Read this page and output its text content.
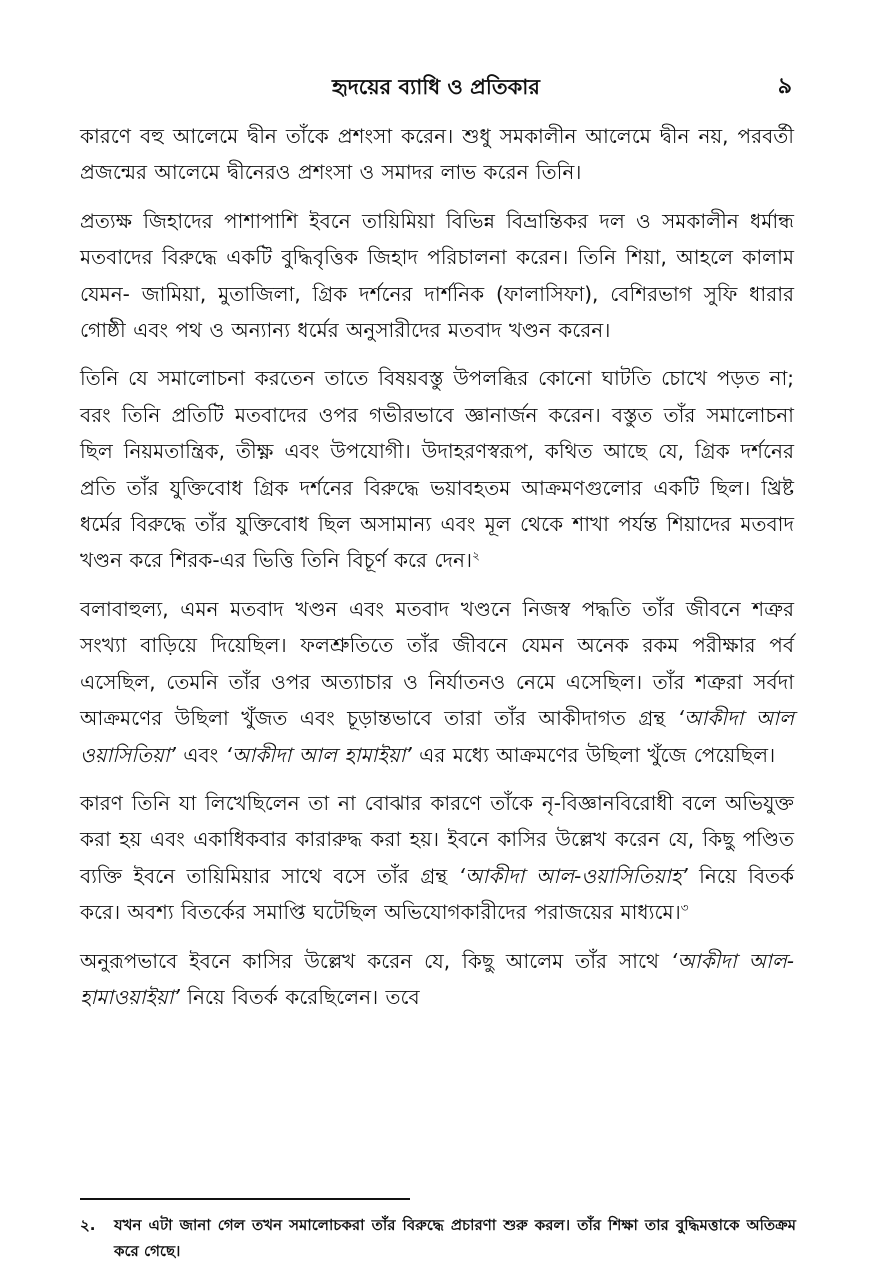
হৃদয়ের ব্যাধি ও প্রতিকার	৯

কারণে বহু আলেমে দ্বীন তাঁকে প্রশংসা করেন। শুধু সমকালীন আলেমে দ্বীন নয়, পরবর্তী প্রজন্মের আলেমে দ্বীনেরও প্রশংসা ও সমাদর লাভ করেন তিনি।

প্রত্যক্ষ জিহাদের পাশাপাশি ইবনে তায়িমিয়া বিভিন্ন বিভ্রান্তিকর দল ও সমকালীন ধর্মান্ধ মতবাদের বিরুদ্ধে একটি বুদ্ধিবৃত্তিক জিহাদ পরিচালনা করেন। তিনি শিয়া, আহলে কালাম যেমন- জামিয়া, মুতাজিলা, গ্রিক দর্শনের দার্শনিক (ফালাসিফা), বেশিরভাগ সুফি ধারার গোষ্ঠী এবং পথ ও অন্যান্য ধর্মের অনুসারীদের মতবাদ খণ্ডন করেন।

তিনি যে সমালোচনা করতেন তাতে বিষয়বস্তু উপলব্ধির কোনো ঘাটতি চোখে পড়ত না; বরং তিনি প্রতিটি মতবাদের ওপর গভীরভাবে জ্ঞানার্জন করেন। বস্তুত তাঁর সমালোচনা ছিল নিয়মতান্ত্রিক, তীক্ষ্ণ এবং উপযোগী। উদাহরণস্বরূপ, কথিত আছে যে, গ্রিক দর্শনের প্রতি তাঁর যুক্তিবোধ গ্রিক দর্শনের বিরুদ্ধে ভয়াবহতম আক্রমণগুলোর একটি ছিল। খ্রিষ্ট ধর্মের বিরুদ্ধে তাঁর যুক্তিবোধ ছিল অসামান্য এবং মূল থেকে শাখা পর্যন্ত শিয়াদের মতবাদ খণ্ডন করে শিরক-এর ভিত্তি তিনি বিচূর্ণ করে দেন।$^২$

বলাবাহুল্য, এমন মতবাদ খণ্ডন এবং মতবাদ খণ্ডনে নিজস্ব পদ্ধতি তাঁর জীবনে শত্রুর সংখ্যা বাড়িয়ে দিয়েছিল। ফলশ্রুতিতে তাঁর জীবনে যেমন অনেক রকম পরীক্ষার পর্ব এসেছিল, তেমনি তাঁর ওপর অত্যাচার ও নির্যাতনও নেমে এসেছিল। তাঁর শত্রুরা সর্বদা আক্রমণের উছিলা খুঁজত এবং চূড়ান্তভাবে তারা তাঁর আকীদাগত গ্রন্থ ‘আকীদা আল ওয়াসিতিয়া’ এবং ‘আকীদা আল হামাইয়া’ এর মধ্যে আক্রমণের উছিলা খুঁজে পেয়েছিল।

কারণ তিনি যা লিখেছিলেন তা না বোঝার কারণে তাঁকে নৃ-বিজ্ঞানবিরোধী বলে অভিযুক্ত করা হয় এবং একাধিকবার কারারুদ্ধ করা হয়। ইবনে কাসির উল্লেখ করেন যে, কিছু পণ্ডিত ব্যক্তি ইবনে তায়িমিয়ার সাথে বসে তাঁর গ্রন্থ ‘আকীদা আল-ওয়াসিতিয়াহ’ নিয়ে বিতর্ক করে। অবশ্য বিতর্কের সমাপ্তি ঘটেছিল অভিযোগকারীদের পরাজয়ের মাধ্যমে।$^৩$

অনুরূপভাবে ইবনে কাসির উল্লেখ করেন যে, কিছু আলেম তাঁর সাথে ‘আকীদা আল-হামাওয়াইয়া’ নিয়ে বিতর্ক করেছিলেন। তবে

২.	যখন এটা জানা গেল তখন সমালোচকরা তাঁর বিরুদ্ধে প্রচারণা শুরু করল। তাঁর শিক্ষা তার বুদ্ধিমত্তাকে অতিক্রম করে গেছে।
